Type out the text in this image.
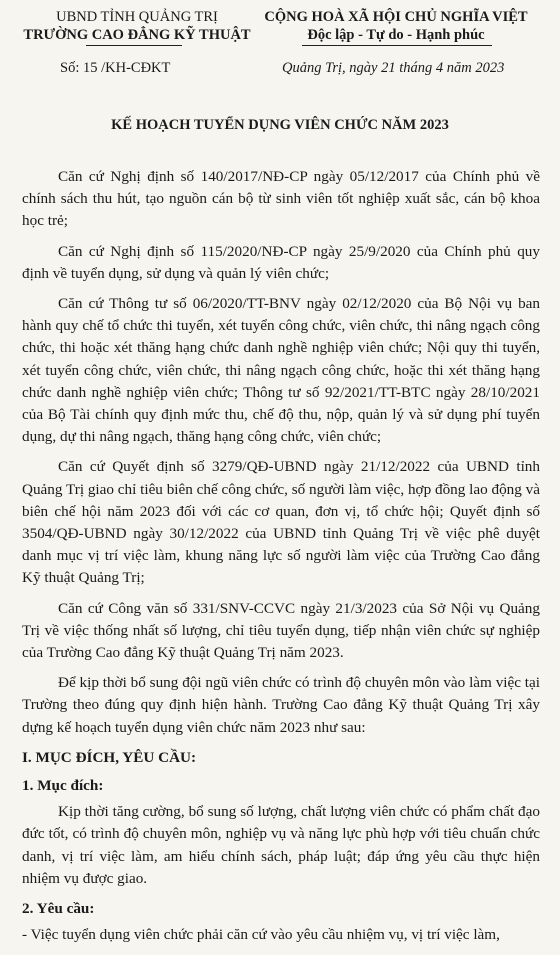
UBND TỈNH QUẢNG TRỊ
TRƯỜNG CAO ĐẲNG KỸ THUẬT
CỘNG HOÀ XÃ HỘI CHỦ NGHĨA VIỆT
Độc lập - Tự do - Hạnh phúc
Số: 15 /KH-CĐKT	Quảng Trị, ngày 21 tháng 4 năm 2023
KẾ HOẠCH TUYỂN DỤNG VIÊN CHỨC NĂM 2023

Căn cứ Nghị định số 140/2017/NĐ-CP ngày 05/12/2017 của Chính phủ về chính sách thu hút, tạo nguồn cán bộ từ sinh viên tốt nghiệp xuất sắc, cán bộ khoa học trẻ;

Căn cứ Nghị định số 115/2020/NĐ-CP ngày 25/9/2020 của Chính phủ quy định về tuyển dụng, sử dụng và quản lý viên chức;

Căn cứ Thông tư số 06/2020/TT-BNV ngày 02/12/2020 của Bộ Nội vụ ban hành quy chế tổ chức thi tuyển, xét tuyển công chức, viên chức, thi nâng ngạch công chức, thi hoặc xét thăng hạng chức danh nghề nghiệp viên chức; Nội quy thi tuyển, xét tuyển công chức, viên chức, thi nâng ngạch công chức, hoặc thi xét thăng hạng chức danh nghề nghiệp viên chức; Thông tư số 92/2021/TT-BTC ngày 28/10/2021 của Bộ Tài chính quy định mức thu, chế độ thu, nộp, quản lý và sử dụng phí tuyển dụng, dự thi nâng ngạch, thăng hạng công chức, viên chức;

Căn cứ Quyết định số 3279/QĐ-UBND ngày 21/12/2022 của UBND tỉnh Quảng Trị giao chỉ tiêu biên chế công chức, số người làm việc, hợp đồng lao động và biên chế hội năm 2023 đối với các cơ quan, đơn vị, tổ chức hội; Quyết định số 3504/QĐ-UBND ngày 30/12/2022 của UBND tỉnh Quảng Trị về việc phê duyệt danh mục vị trí việc làm, khung năng lực số người làm việc của Trường Cao đẳng Kỹ thuật Quảng Trị;

Căn cứ Công văn số 331/SNV-CCVC ngày 21/3/2023 của Sở Nội vụ Quảng Trị về việc thống nhất số lượng, chỉ tiêu tuyển dụng, tiếp nhận viên chức sự nghiệp của Trường Cao đẳng Kỹ thuật Quảng Trị năm 2023.

Để kịp thời bổ sung đội ngũ viên chức có trình độ chuyên môn vào làm việc tại Trường theo đúng quy định hiện hành. Trường Cao đẳng Kỹ thuật Quảng Trị xây dựng kế hoạch tuyển dụng viên chức năm 2023 như sau:

I. MỤC ĐÍCH, YÊU CẦU:
1. Mục đích:

Kịp thời tăng cường, bổ sung số lượng, chất lượng viên chức có phẩm chất đạo đức tốt, có trình độ chuyên môn, nghiệp vụ và năng lực phù hợp với tiêu chuẩn chức danh, vị trí việc làm, am hiểu chính sách, pháp luật; đáp ứng yêu cầu thực hiện nhiệm vụ được giao.

2. Yêu cầu:

- Việc tuyển dụng viên chức phải căn cứ vào yêu cầu nhiệm vụ, vị trí việc làm,
